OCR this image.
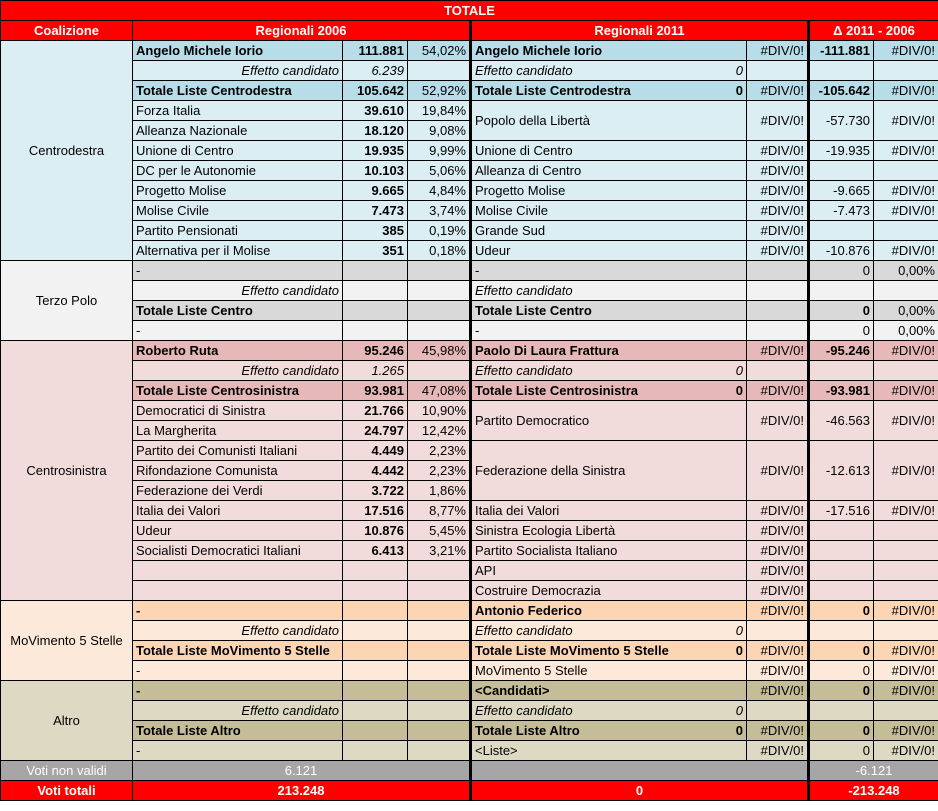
TOTALE							
Coalizione	Regionali 2006			Regionali 2011		Δ 2011 - 2006	
Centrodestra	Angelo Michele Iorio	111.881	54,02%	Angelo Michele Iorio	#DIV/0!	-111.881	#DIV/0!
	Effetto candidato	6.239		Effetto candidato 0			

	Totale Liste Centrodestra	105.642	52,92%	Totale Liste Centrodestra 0	#DIV/0!	-105.642	#DIV/0!
	Forza Italia	39.610	19,84%	Popolo della Libertà	#DIV/0!	-57.730	#DIV/0!
	Alleanza Nazionale	18.120	9,08%				
	Unione di Centro	19.935	9,99%	Unione di Centro	#DIV/0!	-19.935	#DIV/0!
	DC per le Autonomie	10.103	5,06%	Alleanza di Centro	#DIV/0!		
	Progetto Molise	9.665	4,84%	Progetto Molise	#DIV/0!	-9.665	#DIV/0!
	Molise Civile	7.473	3,74%	Molise Civile	#DIV/0!	-7.473	#DIV/0!
	Partito Pensionati	385	0,19%	Grande Sud	#DIV/0!		
	Alternativa per il Molise	351	0,18%	Udeur	#DIV/0!	-10.876	#DIV/0!
Terzo Polo	-			-		0	0,00%
	Effetto candidato			Effetto candidato			

	Totale Liste Centro			Totale Liste Centro		0	0,00%
	-			-		0	0,00%
Centrosinistra	Roberto Ruta	95.246	45,98%	Paolo Di Laura Frattura	#DIV/0!	-95.246	#DIV/0!
	Effetto candidato	1.265		Effetto candidato 0			

	Totale Liste Centrosinistra	93.981	47,08%	Totale Liste Centrosinistra 0	#DIV/0!	-93.981	#DIV/0!
	Democratici di Sinistra	21.766	10,90%	Partito Democratico	#DIV/0!	-46.563	#DIV/0!
	La Margherita	24.797	12,42%				
	Partito dei Comunisti Italiani	4.449	2,23%	Federazione della Sinistra	#DIV/0!	-12.613	#DIV/0!
	Rifondazione Comunista	4.442	2,23%				
	Federazione dei Verdi	3.722	1,86%				
	Italia dei Valori	17.516	8,77%	Italia dei Valori	#DIV/0!	-17.516	#DIV/0!
	Udeur	10.876	5,45%	Sinistra Ecologia Libertà	#DIV/0!		
	Socialisti Democratici Italiani	6.413	3,21%	Partito Socialista Italiano	#DIV/0!		

				API	#DIV/0!		

				Costruire Democrazia	#DIV/0!		
MoVimento 5 Stelle	-			Antonio Federico	#DIV/0!	0	#DIV/0!
	Effetto candidato			Effetto candidato 0			

	Totale Liste MoVimento 5 Stelle			Totale Liste MoVimento 5 Stelle 0	#DIV/0!	0	#DIV/0!
	-			MoVimento 5 Stelle	#DIV/0!	0	#DIV/0!
Altro	-			<Candidati>	#DIV/0!	0	#DIV/0!
	Effetto candidato			Effetto candidato 0			

	Totale Liste Altro			Totale Liste Altro 0	#DIV/0!	0	#DIV/0!
	-			<Liste>	#DIV/0!	0	#DIV/0!
Voti non validi	6.121					-6.121	
Voti totali	213.248			0		-213.248	
